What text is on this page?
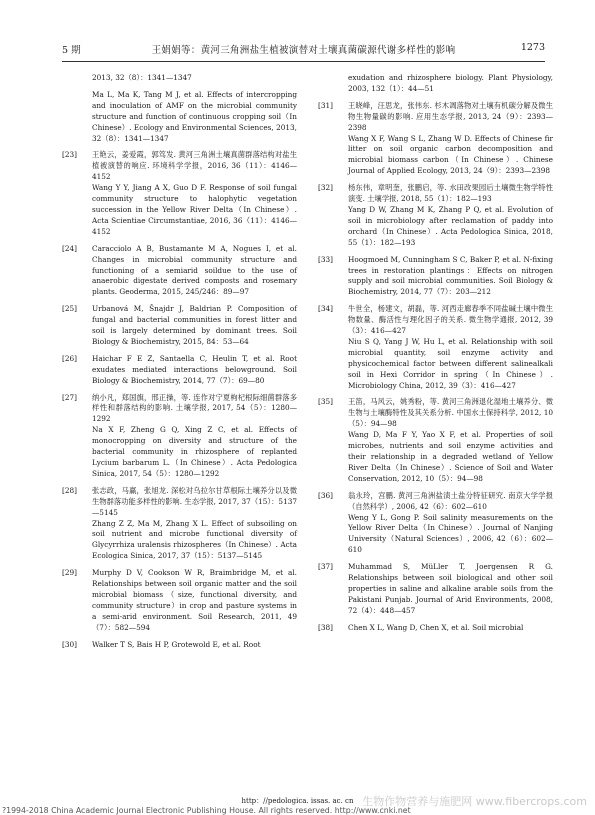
5 期	王娟娟等：黄河三角洲盐生植被演替对土壤真菌碳源代谢多样性的影响	1273
2013, 32（8）：1341—1347
Ma L, Ma K, Tang M J, et al. Effects of intercropping and inoculation of AMF on the microbial community structure and function of continuous cropping soil（In Chinese）. Ecology and Environmental Sciences, 2013, 32（8）：1341—1347
[23] 王艳云，姜爱霞，郭笃发. 黄河三角洲土壤真菌群落结构对盐生植被演替的响应. 环境科学学报，2016, 36（11）：4146—4152
Wang Y Y, Jiang A X, Guo D F. Response of soil fungal community structure to halophytic vegetation succession in the Yellow River Delta（In Chinese）. Acta Scientiae Circumstantiae, 2016, 36（11）：4146—4152
[24] Caracciolo A B, Bustamante M A, Nogues I, et al. Changes in microbial community structure and functioning of a semiarid soildue to the use of anaerobic digestate derived composts and rosemary plants. Geoderma, 2015, 245/246：89—97
[25] Urbanová M, Šnajdr J, Baldrian P. Composition of fungal and bacterial communities in forest litter and soil is largely determined by dominant trees. Soil Biology & Biochemistry, 2015, 84：53—64
[26] Haichar F E Z, Santaella C, Heulin T, et al. Root exudates mediated interactions belowground. Soil Biology & Biochemistry, 2014, 77（7）：69—80
[27] 纳小凡，郑国旗，邢正操，等. 连作对宁夏枸杞根际细菌群落多样性和群落结构的影响. 土壤学报, 2017, 54（5）：1280—1292
Na X F, Zheng G Q, Xing Z C, et al. Effects of monocropping on diversity and structure of the bacterial community in rhizosphere of replanted Lycium barbarum L.（In Chinese）. Acta Pedologica Sinica, 2017, 54（5）：1280—1292
[28] 张志政，马赢，张旭龙. 深松对乌拉尔甘草根际土壤养分以及微生物群落功能多样性的影响. 生态学报, 2017, 37（15）：5137—5145
Zhang Z Z, Ma M, Zhang X L. Effect of subsoiling on soil nutrient and microbe functional diversity of Glycyrrhiza uralensis rhizospheres（In Chinese）. Acta Ecologica Sinica, 2017, 37（15）：5137—5145
[29] Murphy D V, Cookson W R, Braimbridge M, et al. Relationships between soil organic matter and the soil microbial biomass（size, functional diversity, and community structure）in crop and pasture systems in a semi-arid environment. Soil Research, 2011, 49（7）：582—594
[30] Walker T S, Bais H P, Grotewold E, et al. Root
exudation and rhizosphere biology. Plant Physiology, 2003, 132（1）：44—51
[31] 王晓峰，汪思龙，张伟东. 杉木凋落物对土壤有机碳分解及微生物生物量碳的影响. 应用生态学报, 2013, 24（9）：2393—2398
Wang X F, Wang S L, Zhang W D. Effects of Chinese fir litter on soil organic carbon decomposition and microbial biomass carbon（In Chinese）. Chinese Journal of Applied Ecology, 2013, 24（9）：2393—2398
[32] 杨东伟，章明奎，张鹏启，等. 水田改果园后土壤微生物学特性演变. 土壤学报, 2018, 55（1）：182—193
Yang D W, Zhang M K, Zhang P Q, et al. Evolution of soil in microbiology after reclamation of paddy into orchard（In Chinese）. Acta Pedologica Sinica, 2018, 55（1）：182—193
[33] Hoogmoed M, Cunningham S C, Baker P, et al. N-fixing trees in restoration plantings：Effects on nitrogen supply and soil microbial communities. Soil Biology & Biochemistry, 2014, 77（7）：203—212
[34] 牛世全，杨建文，胡磊，等. 河西走廊春季不同盐碱土壤中微生物数量、酶活性与理化因子的关系. 微生物学通报, 2012, 39（3）：416—427
Niu S Q, Yang J W, Hu L, et al. Relationship with soil microbial quantity, soil enzyme activity and physicochemical factor between different salinealkali soil in Hexi Corridor in spring（In Chinese）. Microbiology China, 2012, 39（3）：416—427
[35] 王笛，马风云，姚秀粉，等. 黄河三角洲退化湿地土壤养分、微生物与土壤酶特性及其关系分析. 中国水土保持科学, 2012, 10（5）：94—98
Wang D, Ma F Y, Yao X F, et al. Properties of soil microbes, nutrients and soil enzyme activities and their relationship in a degraded wetland of Yellow River Delta（In Chinese）. Science of Soil and Water Conservation, 2012, 10（5）：94—98
[36] 翁永玲，宫鹏. 黄河三角洲盐渍土盐分特征研究. 南京大学学报（自然科学）, 2006, 42（6）：602—610
Weng Y L, Gong P. Soil salinity measurements on the Yellow River Delta（In Chinese）. Journal of Nanjing University（Natural Sciences）, 2006, 42（6）：602—610
[37] Muhammad S, MüLler T, Joergensen R G. Relationships between soil biological and other soil properties in saline and alkaline arable soils from the Pakistani Punjab. Journal of Arid Environments, 2008, 72（4）：448—457
[38] Chen X L, Wang D, Chen X, et al. Soil microbial
http：//pedologica. issas. ac. cn
?1994-2018 China Academic Journal Electronic Publishing House. All rights reserved. http://www.cnki.net
生物作物营养与施肥网 www.fibercrops.com
